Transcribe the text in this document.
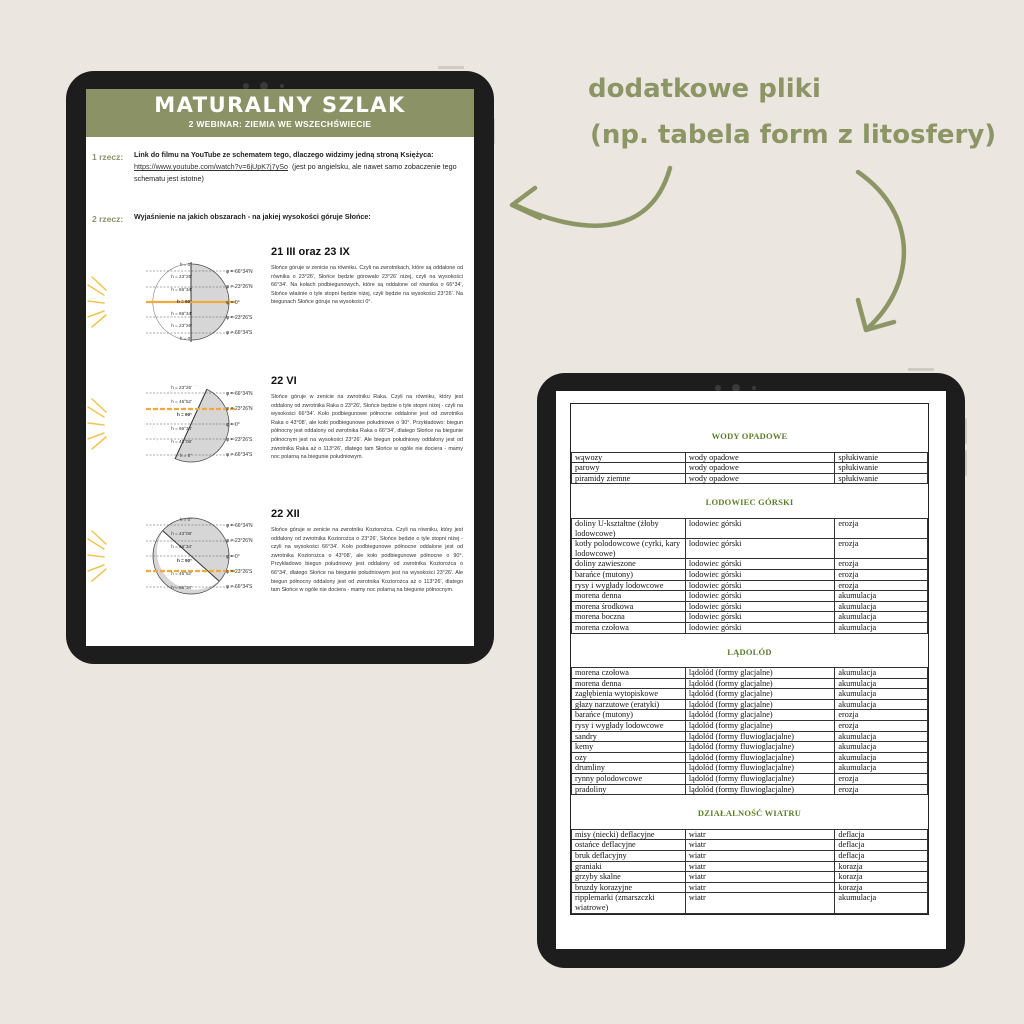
dodatkowe pliki
(np. tabela form z litosfery)

MATURALNY SZLAK
2 WEBINAR: ZIEMIA WE WSZECHŚWIECIE
1 rzecz: Link do filmu na YouTube ze schematem tego, dlaczego widzimy jedną stroną Księżyca:
https://www.youtube.com/watch?v=6jUpK7j7ySo (jest po angielsku, ale nawet samo zobaczenie tego schematu jest istotne)
2 rzecz: Wyjaśnienie na jakich obszarach - na jakiej wysokości góruje Słońce:
h = 0°
h = 23°26'
h = 66°34'
h = 90°
h = 66°34'
h = 23°26'
h = 0°
φ = 66°34'N
φ = 23°26'N
φ = 0°
φ = 23°26'S
φ = 66°34'S
21 III oraz 23 IX
Słońce góruje w zenicie na równiku. Czyli na zwrotnikach, które są oddalone od równika o 23°26', Słońce będzie górowało 23°26' niżej, czyli na wysokości 66°34'. Na kołach podbiegunowych, które są oddalone od równika o 66°34', Słońce właśnie o tyle stopni będzie niżej, czyli będzie na wysokości 23°26'. Na biegunach Słońce góruje na wysokości 0°.
h = 23°26'
h = 46°52'
h = 90°
h = 66°34'
h = 43°08'
h = 0°
φ = 66°34'N
φ = 23°26'N
φ = 0°
φ = 23°26'S
φ = 66°34'S
22 VI
Słońce góruje w zenicie na zwrotniku Raka. Czyli na równiku, który jest oddalony od zwrotnika Raka o 23°26', Słońce będzie o tyle stopni niżej - czyli na wysokości 66°34'. Koło podbiegunowe północne oddalone jest od zwrotnika Raka o 43°08', ale koło podbiegunowe południowe o 90°. Przykładowo: biegun północny jest oddalony od zwrotnika Raka o 66°34', dlatego Słońce na biegunie północnym jest na wysokości 23°26'. Ale biegun południowy oddalony jest od zwrotnika Raka aż o 113°26', dlatego tam Słońce w ogóle nie dociera - mamy noc polarną na biegunie południowym.
h = 0°
h = 43°08'
h = 66°34'
h = 90°
h = 46°52'
h = 66°34'
φ = 66°34'N
φ = 23°26'N
φ = 0°
φ = 23°26'S
φ = 66°34'S
22 XII
Słońce góruje w zenicie na zwrotniku Koziorożca. Czyli na równiku, który jest oddalony od zwrotnika Koziorożca o 23°26', Słońce będzie o tyle stopni niżej - czyli na wysokości 66°34'. Koło podbiegunowe północne oddalone jest od zwrotnika Koziorożca o 43°08', ale koło podbiegunowe północne o 90°. Przykładowo biegun południowy jest oddalony od zwrotnika Koziorożca o 66°34', dlatego Słońce na biegunie południowym jest na wysokości 23°26'. Ale biegun północny oddalony jest od zwrotnika Koziorożca aż o 113°26', dlatego tam Słońce w ogóle nie dociera - mamy noc polarną na biegunie północnym.

WODY OPADOWE		
wąwozy	wody opadowe	spłukiwanie
parowy	wody opadowe	spłukiwanie
piramidy ziemne	wody opadowe	spłukiwanie
LODOWIEC GÓRSKI		
doliny U-kształtne (żłoby lodowcowe)	lodowiec górski	erozja
kotły polodowcowe (cyrki, kary lodowcowe)	lodowiec górski	erozja
doliny zawieszone	lodowiec górski	erozja
barańce (mutony)	lodowiec górski	erozja
rysy i wygłady lodowcowe	lodowiec górski	erozja
morena denna	lodowiec górski	akumulacja
morena środkowa	lodowiec górski	akumulacja
morena boczna	lodowiec górski	akumulacja
morena czołowa	lodowiec górski	akumulacja
LĄDOLÓD		
morena czołowa	lądolód (formy glacjalne)	akumulacja
morena denna	lądolód (formy glacjalne)	akumulacja
zagłębienia wytopiskowe	lądolód (formy glacjalne)	akumulacja
głazy narzutowe (eratyki)	lądolód (formy glacjalne)	akumulacja
barańce (mutony)	lądolód (formy glacjalne)	erozja
rysy i wygłady lodowcowe	lądolód (formy glacjalne)	erozja
sandry	lądolód (formy fluwioglacjalne)	akumulacja
kemy	lądolód (formy fluwioglacjalne)	akumulacja
ozy	lądolód (formy fluwioglacjalne)	akumulacja
drumliny	lądolód (formy fluwioglacjalne)	akumulacja
rynny polodowcowe	lądolód (formy fluwioglacjalne)	erozja
pradoliny	lądolód (formy fluwioglacjalne)	erozja
DZIAŁALNOŚĆ WIATRU		
misy (niecki) deflacyjne	wiatr	deflacja
ostańce deflacyjne	wiatr	deflacja
bruk deflacyjny	wiatr	deflacja
graniaki	wiatr	korazja
grzyby skalne	wiatr	korazja
bruzdy korazyjne	wiatr	korazja
ripplemarki (zmarszczki wiatrowe)	wiatr	akumulacja
